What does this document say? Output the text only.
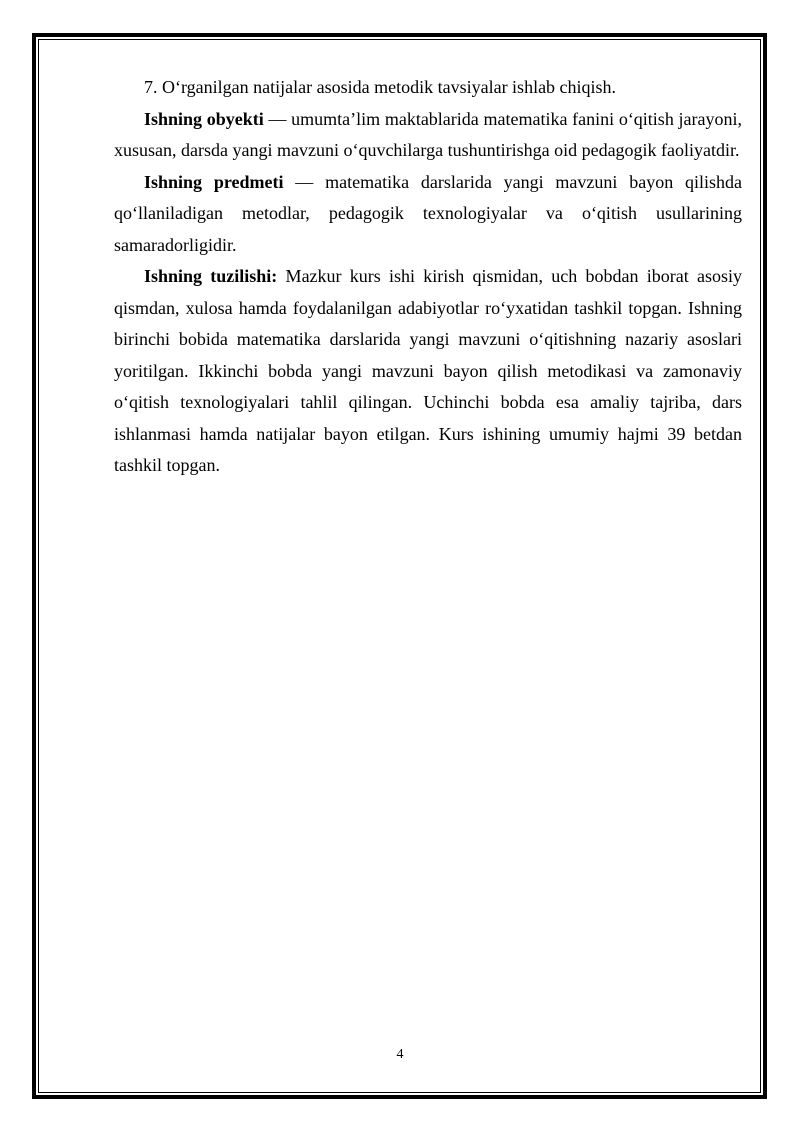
7. O‘rganilgan natijalar asosida metodik tavsiyalar ishlab chiqish.

Ishning obyekti — umumta’lim maktablarida matematika fanini o‘qitish jarayoni, xususan, darsda yangi mavzuni o‘quvchilarga tushuntirishga oid pedagogik faoliyatdir.

Ishning predmeti — matematika darslarida yangi mavzuni bayon qilishda qo‘llaniladigan metodlar, pedagogik texnologiyalar va o‘qitish usullarining samaradorligidir.

Ishning tuzilishi: Mazkur kurs ishi kirish qismidan, uch bobdan iborat asosiy qismdan, xulosa hamda foydalanilgan adabiyotlar ro‘yxatidan tashkil topgan. Ishning birinchi bobida matematika darslarida yangi mavzuni o‘qitishning nazariy asoslari yoritilgan. Ikkinchi bobda yangi mavzuni bayon qilish metodikasi va zamonaviy o‘qitish texnologiyalari tahlil qilingan. Uchinchi bobda esa amaliy tajriba, dars ishlanmasi hamda natijalar bayon etilgan. Kurs ishining umumiy hajmi 39 betdan tashkil topgan.

4
